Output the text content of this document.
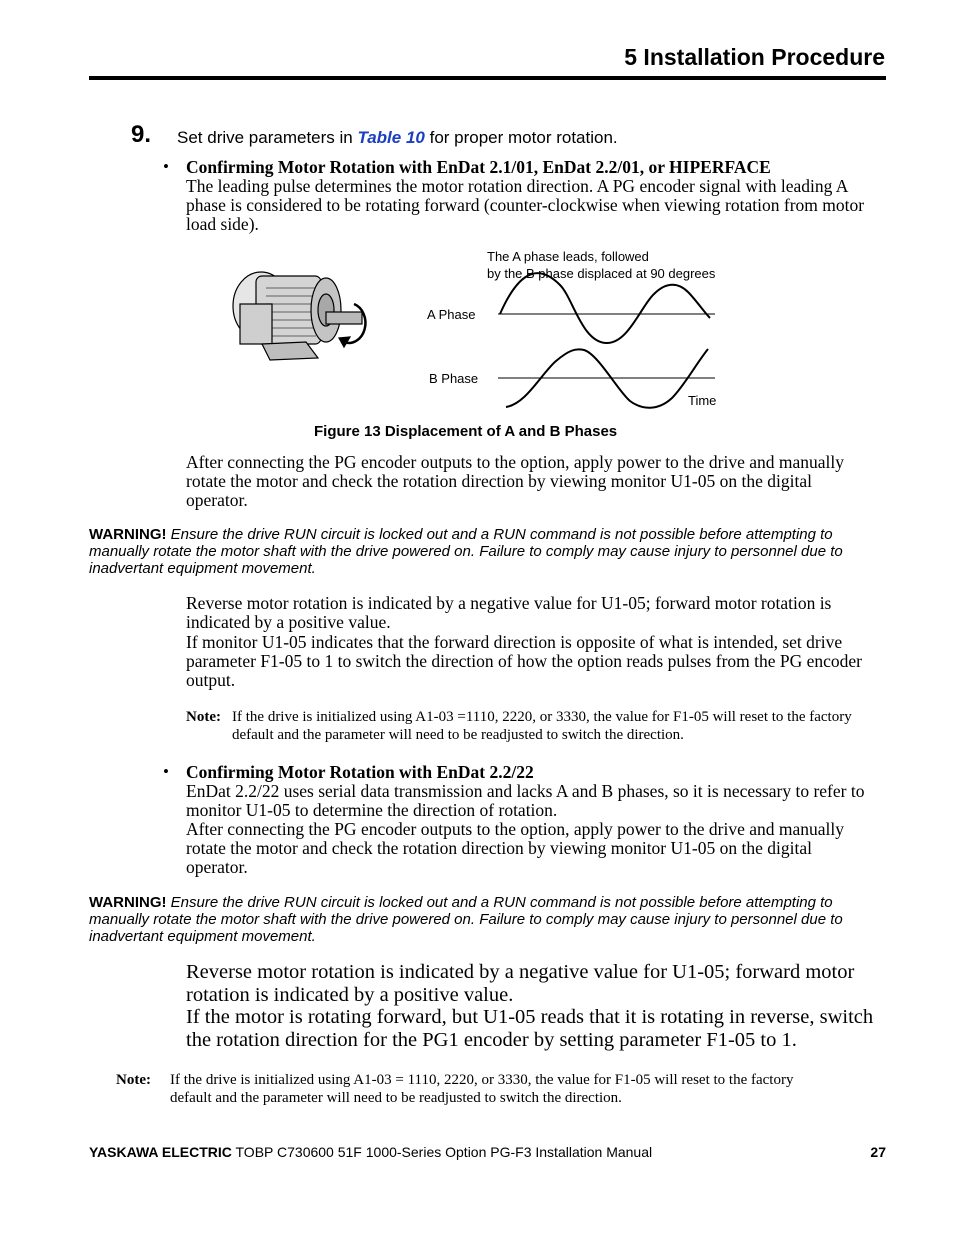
5 Installation Procedure
9. Set drive parameters in Table 10 for proper motor rotation.
• Confirming Motor Rotation with EnDat 2.1/01, EnDat 2.2/01, or HIPERFACE
The leading pulse determines the motor rotation direction. A PG encoder signal with leading A phase is considered to be rotating forward (counter-clockwise when viewing rotation from motor load side).
The A phase leads, followed
by the B phase displaced at 90 degrees
A Phase
B Phase
Time
Figure 13 Displacement of A and B Phases
After connecting the PG encoder outputs to the option, apply power to the drive and manually rotate the motor and check the rotation direction by viewing monitor U1-05 on the digital operator.
WARNING! Ensure the drive RUN circuit is locked out and a RUN command is not possible before attempting to manually rotate the motor shaft with the drive powered on. Failure to comply may cause injury to personnel due to inadvertant equipment movement.
Reverse motor rotation is indicated by a negative value for U1-05; forward motor rotation is indicated by a positive value.
If monitor U1-05 indicates that the forward direction is opposite of what is intended, set drive parameter F1-05 to 1 to switch the direction of how the option reads pulses from the PG encoder output.
Note: If the drive is initialized using A1-03 =1110, 2220, or 3330, the value for F1-05 will reset to the factory default and the parameter will need to be readjusted to switch the direction.
• Confirming Motor Rotation with EnDat 2.2/22
EnDat 2.2/22 uses serial data transmission and lacks A and B phases, so it is necessary to refer to monitor U1-05 to determine the direction of rotation.
After connecting the PG encoder outputs to the option, apply power to the drive and manually rotate the motor and check the rotation direction by viewing monitor U1-05 on the digital operator.
WARNING! Ensure the drive RUN circuit is locked out and a RUN command is not possible before attempting to manually rotate the motor shaft with the drive powered on. Failure to comply may cause injury to personnel due to inadvertant equipment movement.
Reverse motor rotation is indicated by a negative value for U1-05; forward motor rotation is indicated by a positive value.
If the motor is rotating forward, but U1-05 reads that it is rotating in reverse, switch the rotation direction for the PG1 encoder by setting parameter F1-05 to 1.
Note: If the drive is initialized using A1-03 = 1110, 2220, or 3330, the value for F1-05 will reset to the factory default and the parameter will need to be readjusted to switch the direction.
YASKAWA ELECTRIC TOBP C730600 51F 1000-Series Option PG-F3 Installation Manual	27
